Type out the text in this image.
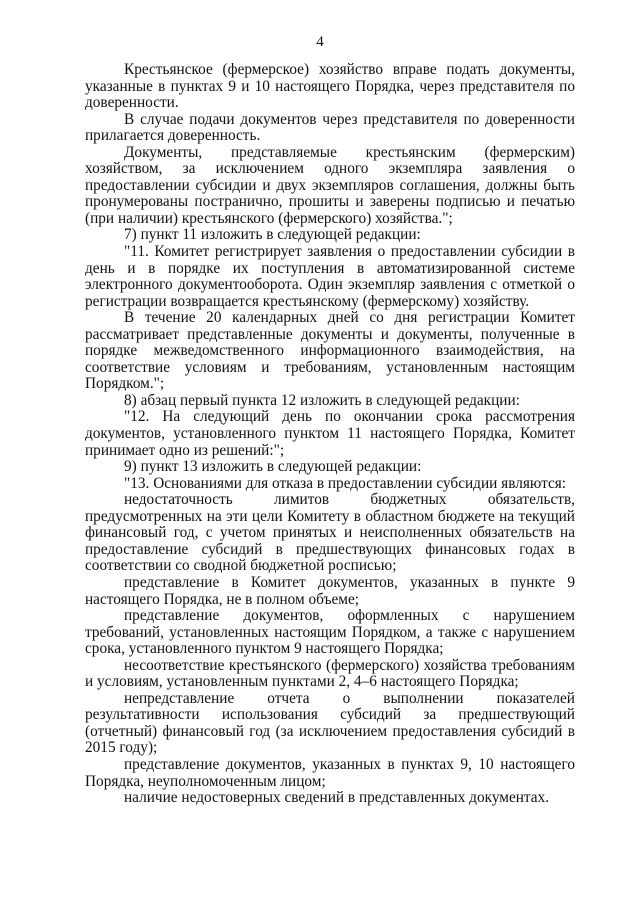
4

Крестьянское (фермерское) хозяйство вправе подать документы, указанные в пунктах 9 и 10 настоящего Порядка, через представителя по доверенности.

В случае подачи документов через представителя по доверенности прилагается доверенность.

Документы, представляемые крестьянским (фермерским) хозяйством, за исключением одного экземпляра заявления о предоставлении субсидии и двух экземпляров соглашения, должны быть пронумерованы постранично, прошиты и заверены подписью и печатью (при наличии) крестьянского (фермерского) хозяйства.";

7) пункт 11 изложить в следующей редакции:

"11. Комитет регистрирует заявления о предоставлении субсидии в день и в порядке их поступления в автоматизированной системе электронного документооборота. Один экземпляр заявления с отметкой о регистрации возвращается крестьянскому (фермерскому) хозяйству.

В течение 20 календарных дней со дня регистрации Комитет рассматривает представленные документы и документы, полученные в порядке межведомственного информационного взаимодействия, на соответствие условиям и требованиям, установленным настоящим Порядком.";

8) абзац первый пункта 12 изложить в следующей редакции:

"12. На следующий день по окончании срока рассмотрения документов, установленного пунктом 11 настоящего Порядка, Комитет принимает одно из решений:";

9) пункт 13 изложить в следующей редакции:

"13. Основаниями для отказа в предоставлении субсидии являются:

недостаточность лимитов бюджетных обязательств, предусмотренных на эти цели Комитету в областном бюджете на текущий финансовый год, с учетом принятых и неисполненных обязательств на предоставление субсидий в предшествующих финансовых годах в соответствии со сводной бюджетной росписью;

представление в Комитет документов, указанных в пункте 9 настоящего Порядка, не в полном объеме;

представление документов, оформленных с нарушением требований, установленных настоящим Порядком, а также с нарушением срока, установленного пунктом 9 настоящего Порядка;

несоответствие крестьянского (фермерского) хозяйства требованиям и условиям, установленным пунктами 2, 4–6 настоящего Порядка;

непредставление отчета о выполнении показателей результативности использования субсидий за предшествующий (отчетный) финансовый год (за исключением предоставления субсидий в 2015 году);

представление документов, указанных в пунктах 9, 10 настоящего Порядка, неуполномоченным лицом;

наличие недостоверных сведений в представленных документах.
